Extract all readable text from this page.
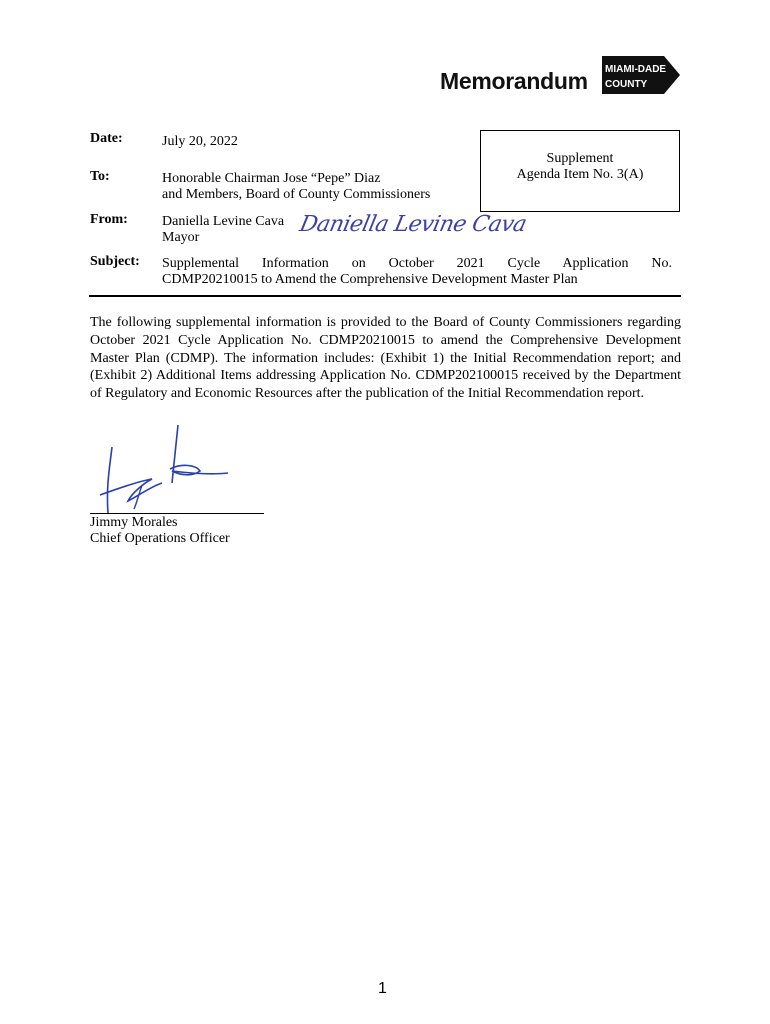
Memorandum MIAMI-DADE
COUNTY
Date:	July 20, 2022
Supplement
Agenda Item No. 3(A)
To:	Honorable Chairman Jose “Pepe” Diaz
and Members, Board of County Commissioners
From: Daniella Levine Cava
Mayor
Daniella Levine Cava
Subject: Supplemental Information on October 2021 Cycle Application No.
CDMP20210015 to Amend the Comprehensive Development Master Plan
The following supplemental information is provided to the Board of County Commissioners regarding October 2021 Cycle Application No. CDMP20210015 to amend the Comprehensive Development Master Plan (CDMP). The information includes: (Exhibit 1) the Initial Recommendation report; and (Exhibit 2) Additional Items addressing Application No. CDMP202100015 received by the Department of Regulatory and Economic Resources after the publication of the Initial Recommendation report.
Jimmy Morales
Chief Operations Officer
1
